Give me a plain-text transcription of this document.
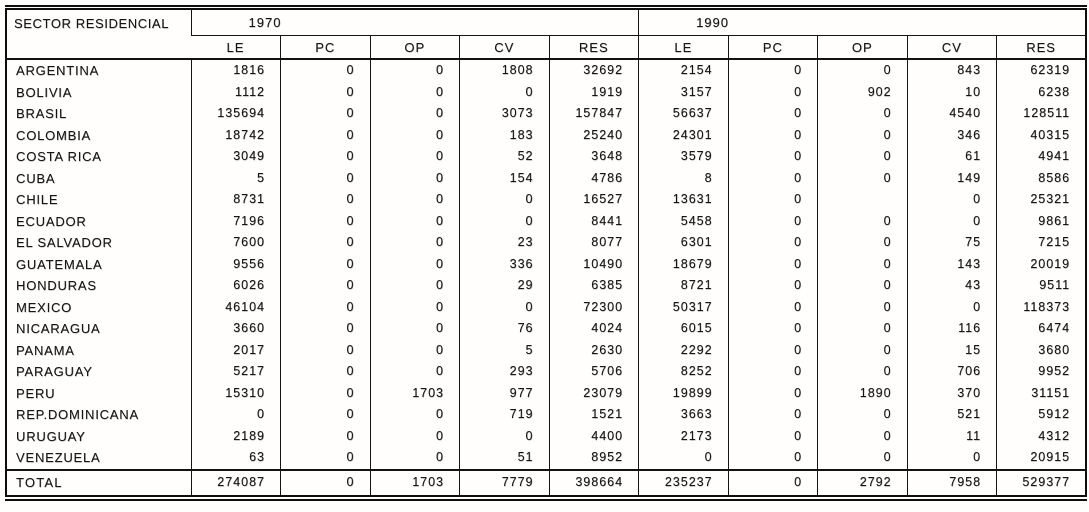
SECTOR RESIDENCIAL	1970					1990				
	LE	PC	OP	CV	RES	LE	PC	OP	CV	RES
ARGENTINA	1816	0	0	1808	32692	2154	0	0	843	62319
BOLIVIA	1112	0	0	0	1919	3157	0	902	10	6238
BRASIL	135694	0	0	3073	157847	56637	0	0	4540	128511
COLOMBIA	18742	0	0	183	25240	24301	0	0	346	40315
COSTA RICA	3049	0	0	52	3648	3579	0	0	61	4941
CUBA	5	0	0	154	4786	8	0	0	149	8586
CHILE	8731	0	0	0	16527	13631	0		0	25321
ECUADOR	7196	0	0	0	8441	5458	0	0	0	9861
EL SALVADOR	7600	0	0	23	8077	6301	0	0	75	7215
GUATEMALA	9556	0	0	336	10490	18679	0	0	143	20019
HONDURAS	6026	0	0	29	6385	8721	0	0	43	9511
MEXICO	46104	0	0	0	72300	50317	0	0	0	118373
NICARAGUA	3660	0	0	76	4024	6015	0	0	116	6474
PANAMA	2017	0	0	5	2630	2292	0	0	15	3680
PARAGUAY	5217	0	0	293	5706	8252	0	0	706	9952
PERU	15310	0	1703	977	23079	19899	0	1890	370	31151
REP.DOMINICANA	0	0	0	719	1521	3663	0	0	521	5912
URUGUAY	2189	0	0	0	4400	2173	0	0	11	4312
VENEZUELA	63	0	0	51	8952	0	0	0	0	20915
TOTAL	274087	0	1703	7779	398664	235237	0	2792	7958	529377
